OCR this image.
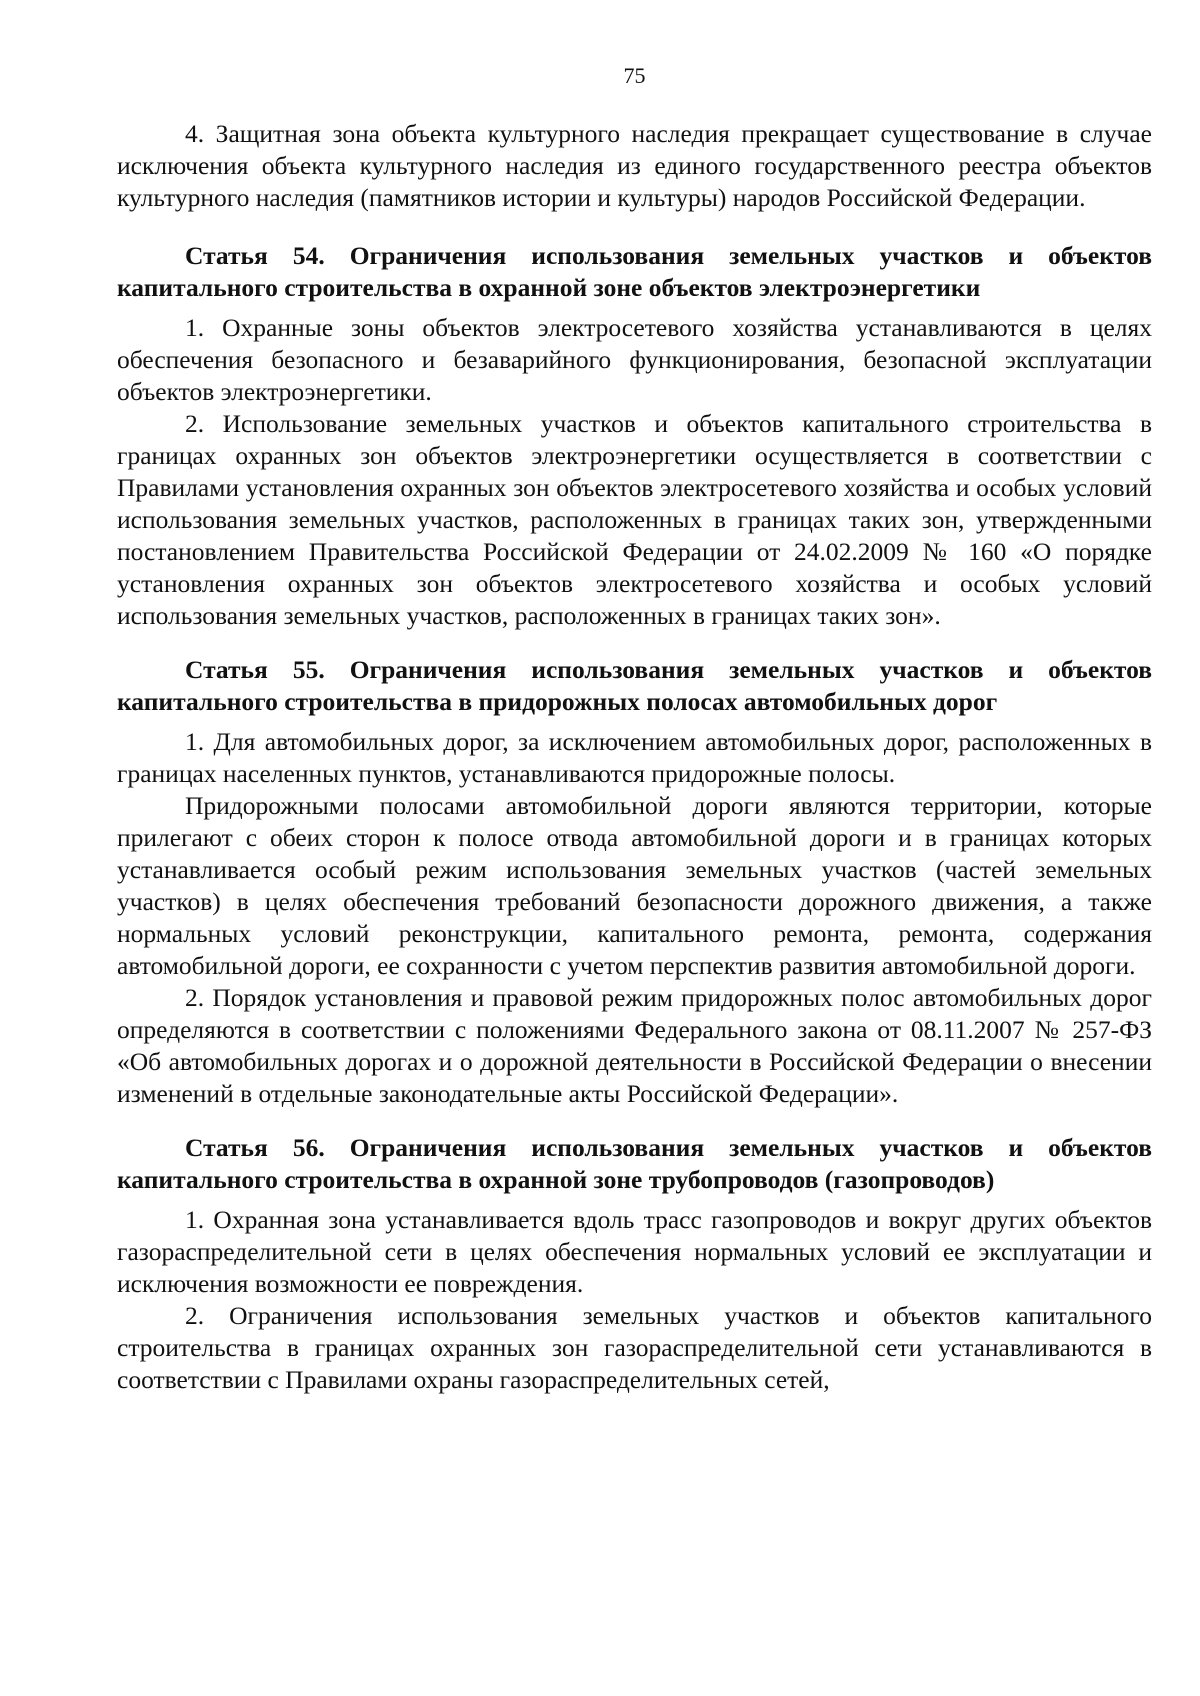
75

4. Защитная зона объекта культурного наследия прекращает существование в случае исключения объекта культурного наследия из единого государственного реестра объектов культурного наследия (памятников истории и культуры) народов Российской Федерации.

Статья 54. Ограничения использования земельных участков и объектов капитального строительства в охранной зоне объектов электроэнергетики

1. Охранные зоны объектов электросетевого хозяйства устанавливаются в целях обеспечения безопасного и безаварийного функционирования, безопасной эксплуатации объектов электроэнергетики.

2. Использование земельных участков и объектов капитального строительства в границах охранных зон объектов электроэнергетики осуществляется в соответствии с Правилами установления охранных зон объектов электросетевого хозяйства и особых условий использования земельных участков, расположенных в границах таких зон, утвержденными постановлением Правительства Российской Федерации от 24.02.2009 № 160 «О порядке установления охранных зон объектов электросетевого хозяйства и особых условий использования земельных участков, расположенных в границах таких зон».

Статья 55. Ограничения использования земельных участков и объектов капитального строительства в придорожных полосах автомобильных дорог

1. Для автомобильных дорог, за исключением автомобильных дорог, расположенных в границах населенных пунктов, устанавливаются придорожные полосы.

Придорожными полосами автомобильной дороги являются территории, которые прилегают с обеих сторон к полосе отвода автомобильной дороги и в границах которых устанавливается особый режим использования земельных участков (частей земельных участков) в целях обеспечения требований безопасности дорожного движения, а также нормальных условий реконструкции, капитального ремонта, ремонта, содержания автомобильной дороги, ее сохранности с учетом перспектив развития автомобильной дороги.

2. Порядок установления и правовой режим придорожных полос автомобильных дорог определяются в соответствии с положениями Федерального закона от 08.11.2007 № 257-ФЗ «Об автомобильных дорогах и о дорожной деятельности в Российской Федерации о внесении изменений в отдельные законодательные акты Российской Федерации».

Статья 56. Ограничения использования земельных участков и объектов капитального строительства в охранной зоне трубопроводов (газопроводов)

1. Охранная зона устанавливается вдоль трасс газопроводов и вокруг других объектов газораспределительной сети в целях обеспечения нормальных условий ее эксплуатации и исключения возможности ее повреждения.

2. Ограничения использования земельных участков и объектов капитального строительства в границах охранных зон газораспределительной сети устанавливаются в соответствии с Правилами охраны газораспределительных сетей,
